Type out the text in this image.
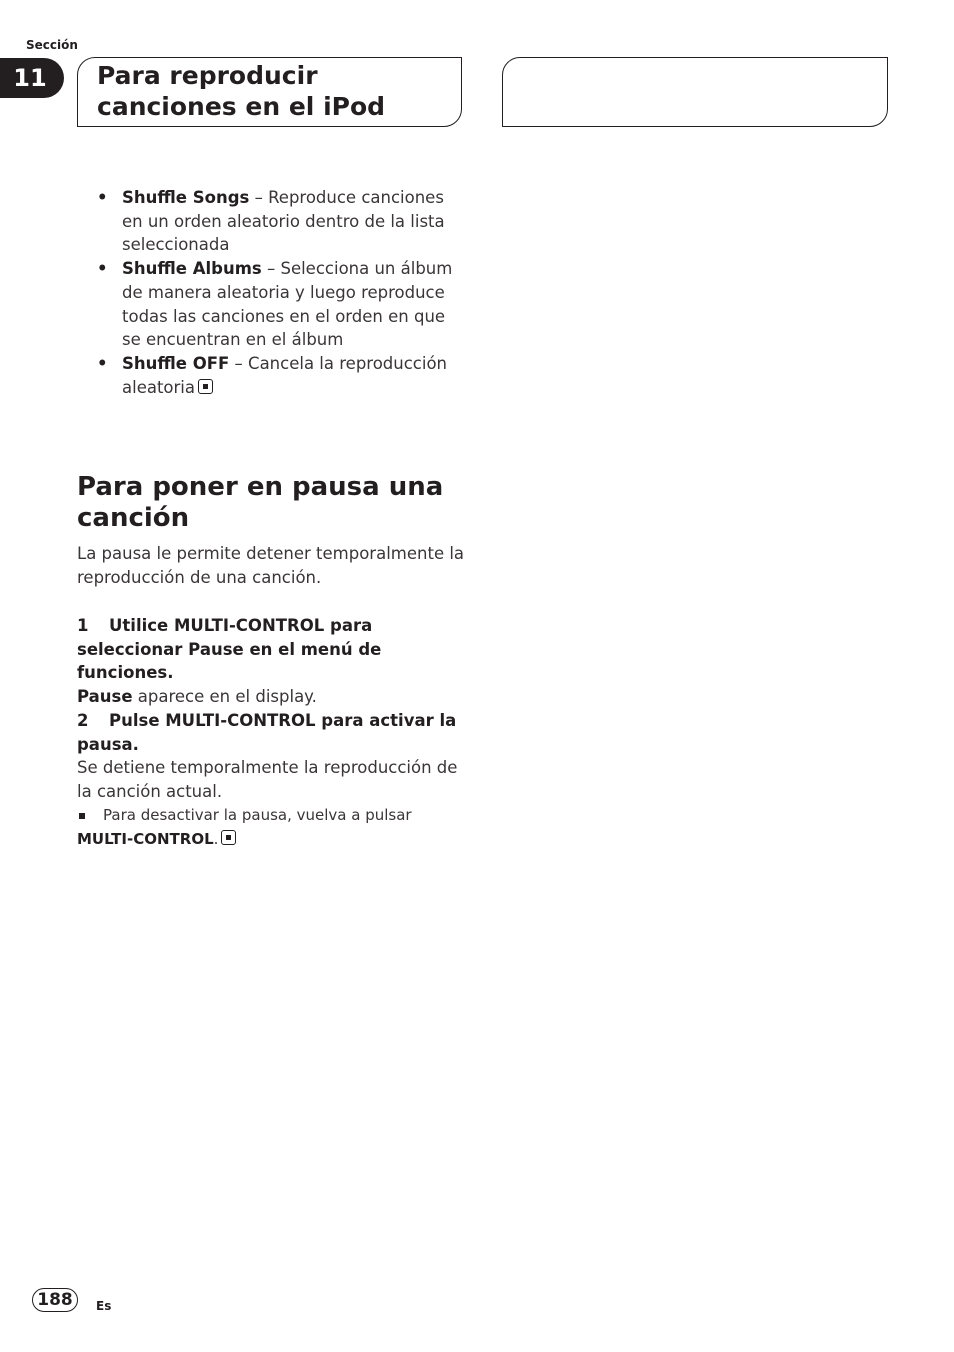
Sección
11	Para reproducir
canciones en el iPod
• Shuffle Songs – Reproduce canciones en un orden aleatorio dentro de la lista seleccionada
• Shuffle Albums – Selecciona un álbum de manera aleatoria y luego reproduce todas las canciones en el orden en que se encuentran en el álbum
• Shuffle OFF – Cancela la reproducción aleatoria
Para poner en pausa una
canción
La pausa le permite detener temporalmente la reproducción de una canción.
1 Utilice MULTI-CONTROL para seleccionar Pause en el menú de funciones.
Pause aparece en el display.
2 Pulse MULTI-CONTROL para activar la pausa.
Se detiene temporalmente la reproducción de la canción actual.
Para desactivar la pausa, vuelva a pulsar
MULTI-CONTROL.
188	Es
